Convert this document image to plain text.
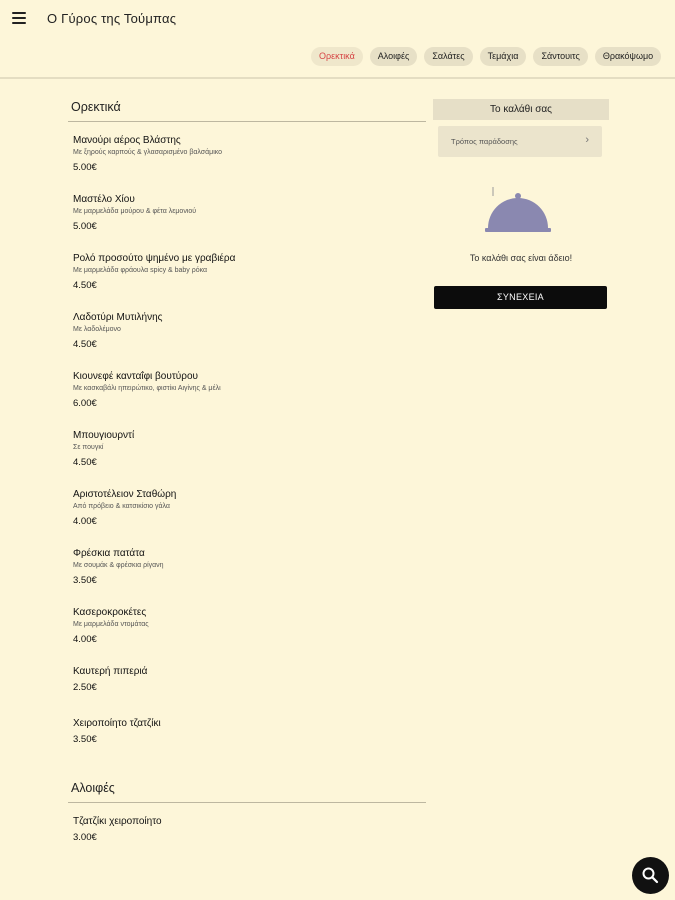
Ο Γύρος της Τούμπας
Ορεκτικά	Αλοιφές	Σαλάτες	Τεμάχια	Σάντουιτς	Θρακόψωμο
Ορεκτικά
Μανούρι αέρος Βλάστης
Με ξηρούς καρπούς & γλασαρισμένο βαλσάμικο
5.00€
Μαστέλο Χίου
Με μαρμελάδα μούρου & φέτα λεμονιού
5.00€
Ρολό προσούτο ψημένο με γραβιέρα
Με μαρμελάδα φράουλα spicy & baby ρόκα
4.50€
Λαδοτύρι Μυτιλήνης
Με λαδολέμονο
4.50€
Κιουνεφέ κανταΐφι βουτύρου
Με κασκαβάλι ηπειρώτικο, φιστίκι Αιγίνης & μέλι
6.00€
Μπουγιουρντί
Σε πουγκί
4.50€
Αριστοτέλειον Σταθώρη
Από πρόβειο & κατσικίσιο γάλα
4.00€
Φρέσκια πατάτα
Με σουμάκ & φρέσκια ρίγανη
3.50€
Κασεροκροκέτες
Με μαρμελάδα ντομάτας
4.00€
Καυτερή πιπεριά
2.50€
Χειροποίητο τζατζίκι
3.50€
Αλοιφές
Τζατζίκι χειροποίητο
3.00€
Το καλάθι σας
Τρόπος παράδοσης	›
Το καλάθι σας είναι άδειο!
ΣΥΝΕΧΕΙΑ
